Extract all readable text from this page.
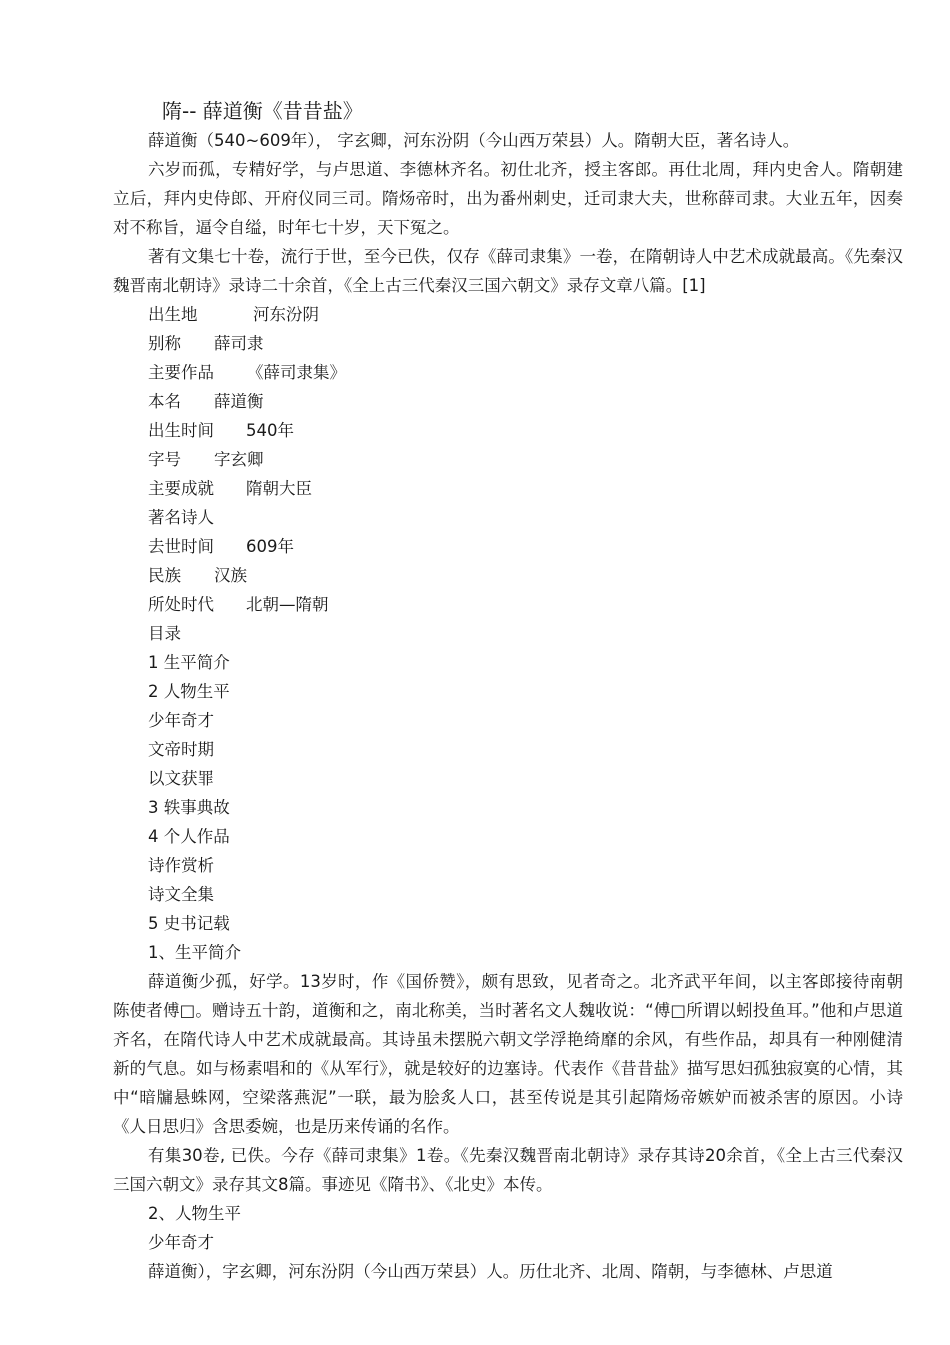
隋-- 薛道衡《昔昔盐》

薛道衡（540~609年）， 字玄卿，河东汾阴（今山西万荣县）人。隋朝大臣，著名诗人。

六岁而孤，专精好学，与卢思道、李德林齐名。初仕北齐，授主客郎。再仕北周，拜内史舍人。隋朝建立后，拜内史侍郎、开府仪同三司。隋炀帝时，出为番州刺史，迁司隶大夫，世称薛司隶。大业五年，因奏对不称旨，逼令自缢，时年七十岁，天下冤之。

著有文集七十卷，流行于世，至今已佚，仅存《薛司隶集》一卷，在隋朝诗人中艺术成就最高。《先秦汉魏晋南北朝诗》录诗二十余首，《全上古三代秦汉三国六朝文》录存文章八篇。[1]

出生地	河东汾阴
别称 薛司隶
主要作品 《薛司隶集》
本名 薛道衡
出生时间 540年
字号 字玄卿
主要成就 隋朝大臣
著名诗人
去世时间 609年
民族 汉族
所处时代 北朝—隋朝
目录
1 生平简介
2 人物生平
少年奇才
文帝时期
以文获罪
3 轶事典故
4 个人作品
诗作赏析
诗文全集
5 史书记载
1、生平简介

薛道衡少孤，好学。13岁时，作《国侨赞》，颇有思致，见者奇之。北齐武平年间，以主客郎接待南朝陈使者傅□。赠诗五十韵，道衡和之，南北称美，当时著名文人魏收说：“傅□所谓以蚓投鱼耳。”他和卢思道齐名，在隋代诗人中艺术成就最高。其诗虽未摆脱六朝文学浮艳绮靡的余风，有些作品，却具有一种刚健清新的气息。如与杨素唱和的《从军行》，就是较好的边塞诗。代表作《昔昔盐》描写思妇孤独寂寞的心情，其中“暗牖悬蛛网，空梁落燕泥”一联，最为脍炙人口，甚至传说是其引起隋炀帝嫉妒而被杀害的原因。小诗《人日思归》含思委婉，也是历来传诵的名作。

有集30卷, 已佚。今存《薛司隶集》1卷。《先秦汉魏晋南北朝诗》录存其诗20余首，《全上古三代秦汉三国六朝文》录存其文8篇。事迹见《隋书》、《北史》本传。

2、人物生平
少年奇才

薛道衡），字玄卿，河东汾阴（今山西万荣县）人。历仕北齐、北周、隋朝，与李德林、卢思道
